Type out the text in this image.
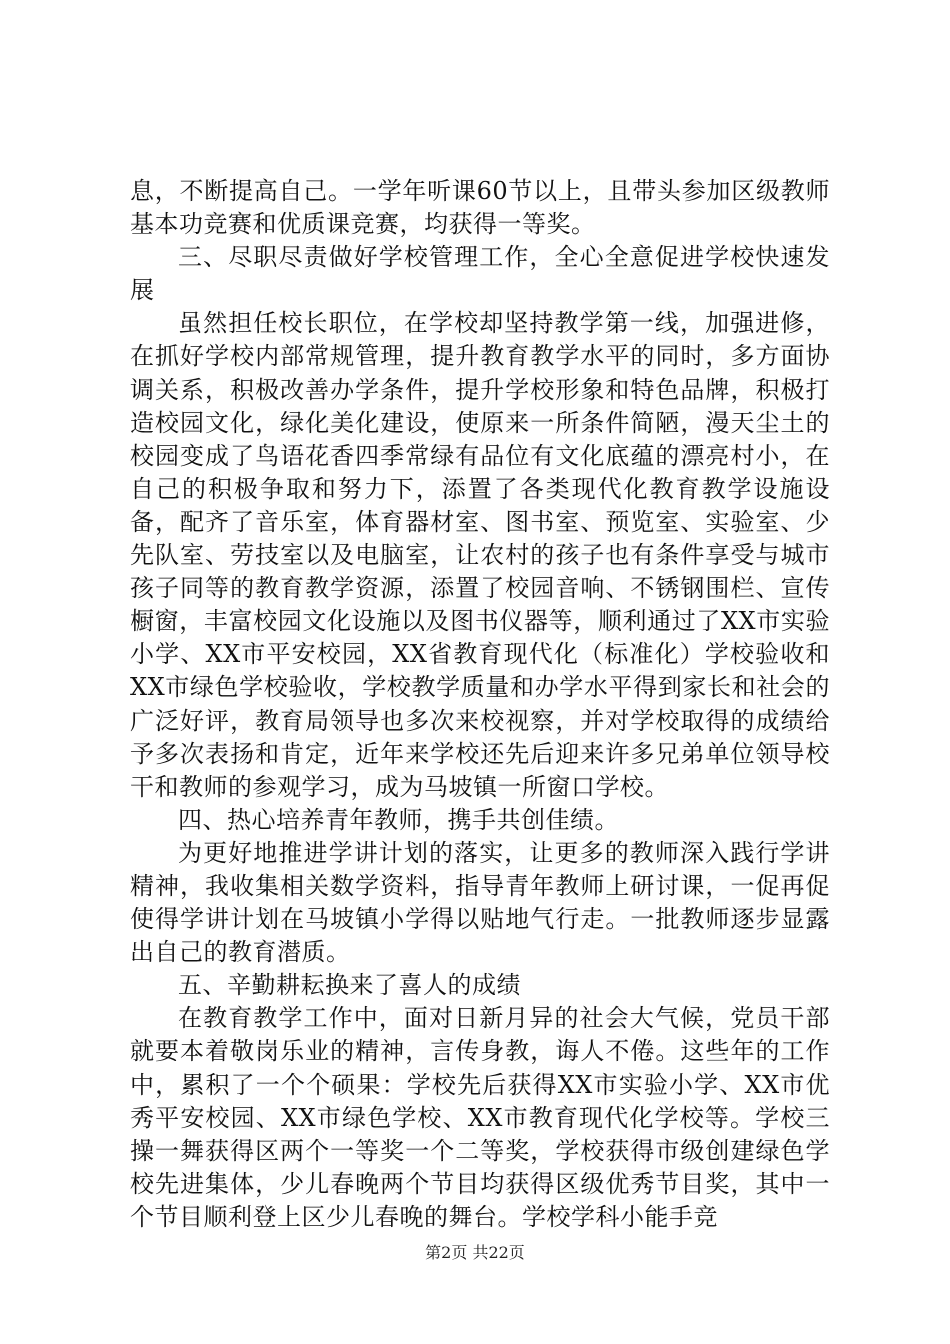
息，不断提高自己。一学年听课60节以上，且带头参加区级教师基本功竞赛和优质课竞赛，均获得一等奖。

三、尽职尽责做好学校管理工作，全心全意促进学校快速发展

虽然担任校长职位，在学校却坚持教学第一线，加强进修，在抓好学校内部常规管理，提升教育教学水平的同时，多方面协调关系，积极改善办学条件，提升学校形象和特色品牌，积极打造校园文化，绿化美化建设，使原来一所条件简陋，漫天尘土的校园变成了鸟语花香四季常绿有品位有文化底蕴的漂亮村小，在自己的积极争取和努力下，添置了各类现代化教育教学设施设备，配齐了音乐室，体育器材室、图书室、预览室、实验室、少先队室、劳技室以及电脑室，让农村的孩子也有条件享受与城市孩子同等的教育教学资源，添置了校园音响、不锈钢围栏、宣传橱窗，丰富校园文化设施以及图书仪器等，顺利通过了XX市实验小学、XX市平安校园，XX省教育现代化（标准化）学校验收和XX市绿色学校验收，学校教学质量和办学水平得到家长和社会的广泛好评，教育局领导也多次来校视察，并对学校取得的成绩给予多次表扬和肯定，近年来学校还先后迎来许多兄弟单位领导校干和教师的参观学习，成为马坡镇一所窗口学校。

四、热心培养青年教师，携手共创佳绩。

为更好地推进学讲计划的落实，让更多的教师深入践行学讲精神，我收集相关数学资料，指导青年教师上研讨课，一促再促使得学讲计划在马坡镇小学得以贴地气行走。一批教师逐步显露出自己的教育潜质。

五、辛勤耕耘换来了喜人的成绩

在教育教学工作中，面对日新月异的社会大气候，党员干部就要本着敬岗乐业的精神，言传身教，诲人不倦。这些年的工作中，累积了一个个硕果：学校先后获得XX市实验小学、XX市优秀平安校园、XX市绿色学校、XX市教育现代化学校等。学校三操一舞获得区两个一等奖一个二等奖，学校获得市级创建绿色学校先进集体，少儿春晚两个节目均获得区级优秀节目奖，其中一个节目顺利登上区少儿春晚的舞台。学校学科小能手竞

第2页 共22页
